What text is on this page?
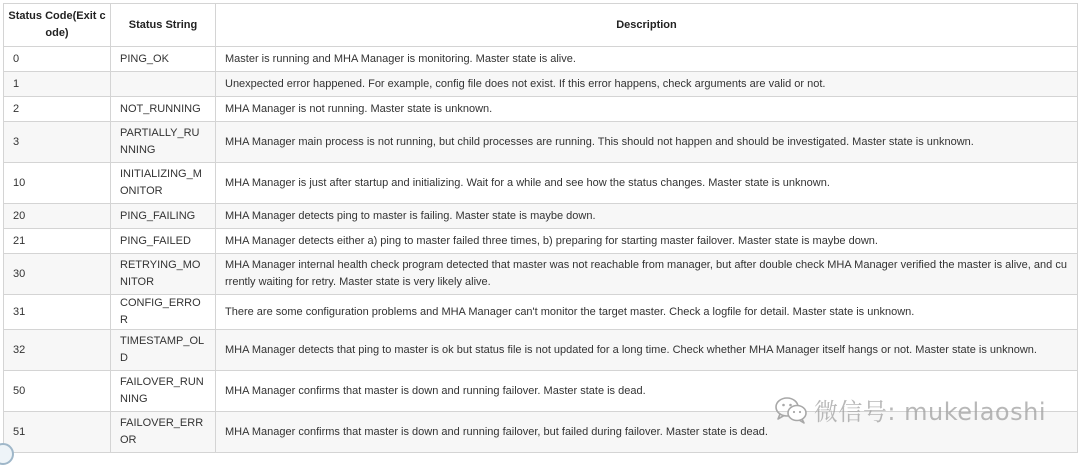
Status Code(Exit code)	Status String	Description
0	PING_OK	Master is running and MHA Manager is monitoring. Master state is alive.
1		Unexpected error happened. For example, config file does not exist. If this error happens, check arguments are valid or not.
2	NOT_RUNNING	MHA Manager is not running. Master state is unknown.
3	PARTIALLY_RUNNING	MHA Manager main process is not running, but child processes are running. This should not happen and should be investigated. Master state is unknown.
10	INITIALIZING_MONITOR	MHA Manager is just after startup and initializing. Wait for a while and see how the status changes. Master state is unknown.
20	PING_FAILING	MHA Manager detects ping to master is failing. Master state is maybe down.
21	PING_FAILED	MHA Manager detects either a) ping to master failed three times, b) preparing for starting master failover. Master state is maybe down.
30	RETRYING_MONITOR	MHA Manager internal health check program detected that master was not reachable from manager, but after double check MHA Manager verified the master is alive, and currently waiting for retry. Master state is very likely alive.
31	CONFIG_ERROR	There are some configuration problems and MHA Manager can't monitor the target master. Check a logfile for detail. Master state is unknown.
32	TIMESTAMP_OLD	MHA Manager detects that ping to master is ok but status file is not updated for a long time. Check whether MHA Manager itself hangs or not. Master state is unknown.
50	FAILOVER_RUNNING	MHA Manager confirms that master is down and running failover. Master state is dead.
51	FAILOVER_ERROR	MHA Manager confirms that master is down and running failover, but failed during failover. Master state is dead.
微信号: mukelaoshi
